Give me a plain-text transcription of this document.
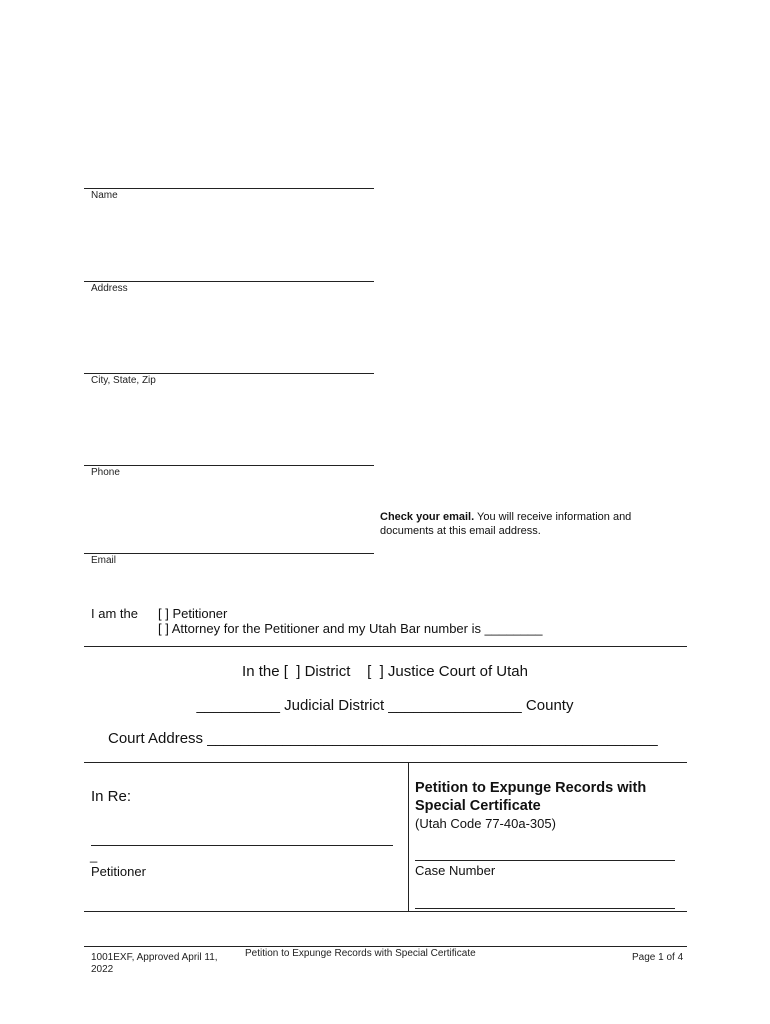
Name
Address
City, State, Zip
Phone
Email
Check your email. You will receive information and
documents at this email address.
I am the [ ] Petitioner
[ ] Attorney for the Petitioner and my Utah Bar number is ________
In the [  ] District    [  ] Justice Court of Utah
__________ Judicial District ________________ County
Court Address ______________________________________________________
In Re:
_
Petitioner
Petition to Expunge Records with
Special Certificate
(Utah Code 77-40a-305)
Case Number
1001EXF, Approved April 11,
2022
Petition to Expunge Records with Special Certificate	Page 1 of 4
